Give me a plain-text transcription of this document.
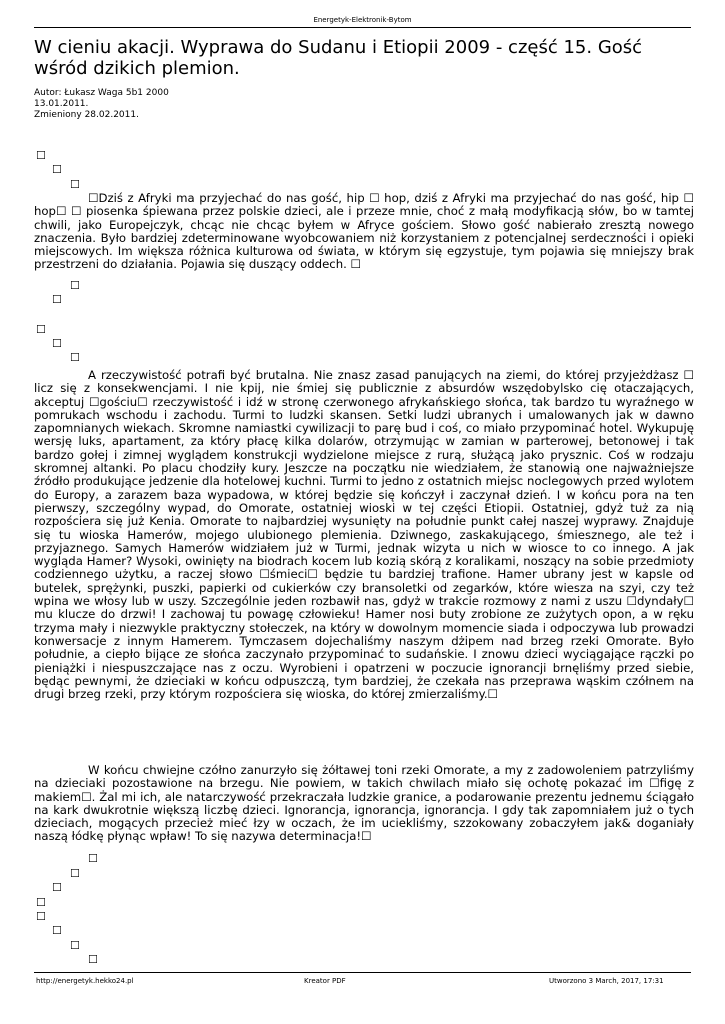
Energetyk-Elektronik-Bytom
W cieniu akacji. Wyprawa do Sudanu i Etiopii 2009 - część 15. Gość wśród dzikich plemion.
Autor: Łukasz Waga 5b1 2000
13.01.2011.
Zmieniony 28.02.2011.
☐
☐
☐

☐Dziś z Afryki ma przyjechać do nas gość, hip ☐ hop, dziś z Afryki ma przyjechać do nas gość, hip ☐ hop☐ ☐ piosenka śpiewana przez polskie dzieci, ale i przeze mnie, choć z małą modyfikacją słów, bo w tamtej chwili, jako Europejczyk, chcąc nie chcąc byłem w Afryce gościem. Słowo gość nabierało zresztą nowego znaczenia. Było bardziej zdeterminowane wyobcowaniem niż korzystaniem z potencjalnej serdeczności i opieki miejscowych. Im większa różnica kulturowa od świata, w którym się egzystuje, tym pojawia się mniejszy brak przestrzeni do działania. Pojawia się duszący oddech. ☐

☐
☐
☐
☐
☐

A rzeczywistość potrafi być brutalna. Nie znasz zasad panujących na ziemi, do której przyjeżdżasz ☐ licz się z konsekwencjami. I nie kpij, nie śmiej się publicznie z absurdów wszędobylsko cię otaczających, akceptuj ☐gościu☐ rzeczywistość i idź w stronę czerwonego afrykańskiego słońca, tak bardzo tu wyraźnego w pomrukach wschodu i zachodu. Turmi to ludzki skansen. Setki ludzi ubranych i umalowanych jak w dawno zapomnianych wiekach. Skromne namiastki cywilizacji to parę bud i coś, co miało przypominać hotel. Wykupuję wersję luks, apartament, za który płacę kilka dolarów, otrzymując w zamian w parterowej, betonowej i tak bardzo gołej i zimnej wyglądem konstrukcji wydzielone miejsce z rurą, służącą jako prysznic. Coś w rodzaju skromnej altanki. Po placu chodziły kury. Jeszcze na początku nie wiedziałem, że stanowią one najważniejsze źródło produkujące jedzenie dla hotelowej kuchni. Turmi to jedno z ostatnich miejsc noclegowych przed wylotem do Europy, a zarazem baza wypadowa, w której będzie się kończył i zaczynał dzień. I w końcu pora na ten pierwszy, szczególny wypad, do Omorate, ostatniej wioski w tej części Etiopii. Ostatniej, gdyż tuż za nią rozpościera się już Kenia. Omorate to najbardziej wysunięty na południe punkt całej naszej wyprawy. Znajduje się tu wioska Hamerów, mojego ulubionego plemienia. Dziwnego, zaskakującego, śmiesznego, ale też i przyjaznego. Samych Hamerów widziałem już w Turmi, jednak wizyta u nich w wiosce to co innego. A jak wygląda Hamer? Wysoki, owinięty na biodrach kocem lub kozią skórą z koralikami, noszący na sobie przedmioty codziennego użytku, a raczej słowo ☐śmieci☐ będzie tu bardziej trafione. Hamer ubrany jest w kapsle od butelek, sprężynki, puszki, papierki od cukierków czy bransoletki od zegarków, które wiesza na szyi, czy też wpina we włosy lub w uszy. Szczególnie jeden rozbawił nas, gdyż w trakcie rozmowy z nami z uszu ☐dyndały☐ mu klucze do drzwi! I zachowaj tu powagę człowieku! Hamer nosi buty zrobione ze zużytych opon, a w ręku trzyma mały i niezwykle praktyczny stołeczek, na który w dowolnym momencie siada i odpoczywa lub prowadzi konwersacje z innym Hamerem. Tymczasem dojechaliśmy naszym dżipem nad brzeg rzeki Omorate. Było południe, a ciepło bijące ze słońca zaczynało przypominać to sudańskie. I znowu dzieci wyciągające rączki po pieniążki i niespuszczające nas z oczu. Wyrobieni i opatrzeni w poczucie ignorancji brnęliśmy przed siebie, będąc pewnymi, że dzieciaki w końcu odpuszczą, tym bardziej, że czekała nas przeprawa wąskim czółnem na drugi brzeg rzeki, przy którym rozpościera się wioska, do której zmierzaliśmy.☐

W końcu chwiejne czółno zanurzyło się żółtawej toni rzeki Omorate, a my z zadowoleniem patrzyliśmy na dzieciaki pozostawione na brzegu. Nie powiem, w takich chwilach miało się ochotę pokazać im ☐figę z makiem☐. Żal mi ich, ale natarczywość przekraczała ludzkie granice, a podarowanie prezentu jednemu ściągało na kark dwukrotnie większą liczbę dzieci. Ignorancja, ignorancja, ignorancja. I gdy tak zapomniałem już o tych dzieciach, mogących przecież mieć łzy w oczach, że im uciekliśmy, szzokowany zobaczyłem jak& doganiały naszą łódkę płynąc wpław! To się nazywa determinacja!☐

☐
☐
☐
☐
☐
☐
☐
☐
http://energetyk.hekko24.pl	Kreator PDF	Utworzono 3 March, 2017, 17:31
